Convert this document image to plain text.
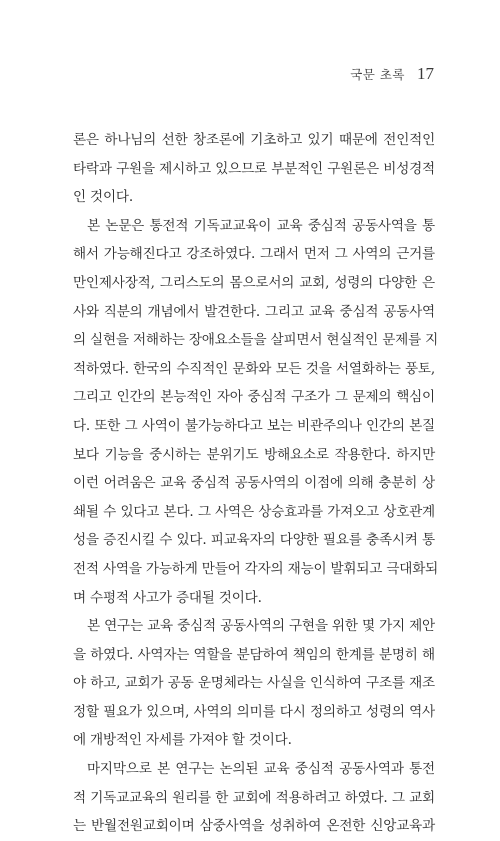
국문 초록 17
론은 하나님의 선한 창조론에 기초하고 있기 때문에 전인적인
타락과 구원을 제시하고 있으므로 부분적인 구원론은 비성경적
인 것이다.
본 논문은 통전적 기독교교육이 교육 중심적 공동사역을 통
해서 가능해진다고 강조하였다. 그래서 먼저 그 사역의 근거를
만인제사장적, 그리스도의 몸으로서의 교회, 성령의 다양한 은
사와 직분의 개념에서 발견한다. 그리고 교육 중심적 공동사역
의 실현을 저해하는 장애요소들을 살피면서 현실적인 문제를 지
적하였다. 한국의 수직적인 문화와 모든 것을 서열화하는 풍토,
그리고 인간의 본능적인 자아 중심적 구조가 그 문제의 핵심이
다. 또한 그 사역이 불가능하다고 보는 비관주의나 인간의 본질
보다 기능을 중시하는 분위기도 방해요소로 작용한다. 하지만
이런 어려움은 교육 중심적 공동사역의 이점에 의해 충분히 상
쇄될 수 있다고 본다. 그 사역은 상승효과를 가져오고 상호관계
성을 증진시킬 수 있다. 피교육자의 다양한 필요를 충족시켜 통
전적 사역을 가능하게 만들어 각자의 재능이 발휘되고 극대화되
며 수평적 사고가 증대될 것이다.
본 연구는 교육 중심적 공동사역의 구현을 위한 몇 가지 제안
을 하였다. 사역자는 역할을 분담하여 책임의 한계를 분명히 해
야 하고, 교회가 공동 운명체라는 사실을 인식하여 구조를 재조
정할 필요가 있으며, 사역의 의미를 다시 정의하고 성령의 역사
에 개방적인 자세를 가져야 할 것이다.
마지막으로 본 연구는 논의된 교육 중심적 공동사역과 통전
적 기독교교육의 원리를 한 교회에 적용하려고 하였다. 그 교회
는 반월전원교회이며 삼중사역을 성취하여 온전한 신앙교육과
